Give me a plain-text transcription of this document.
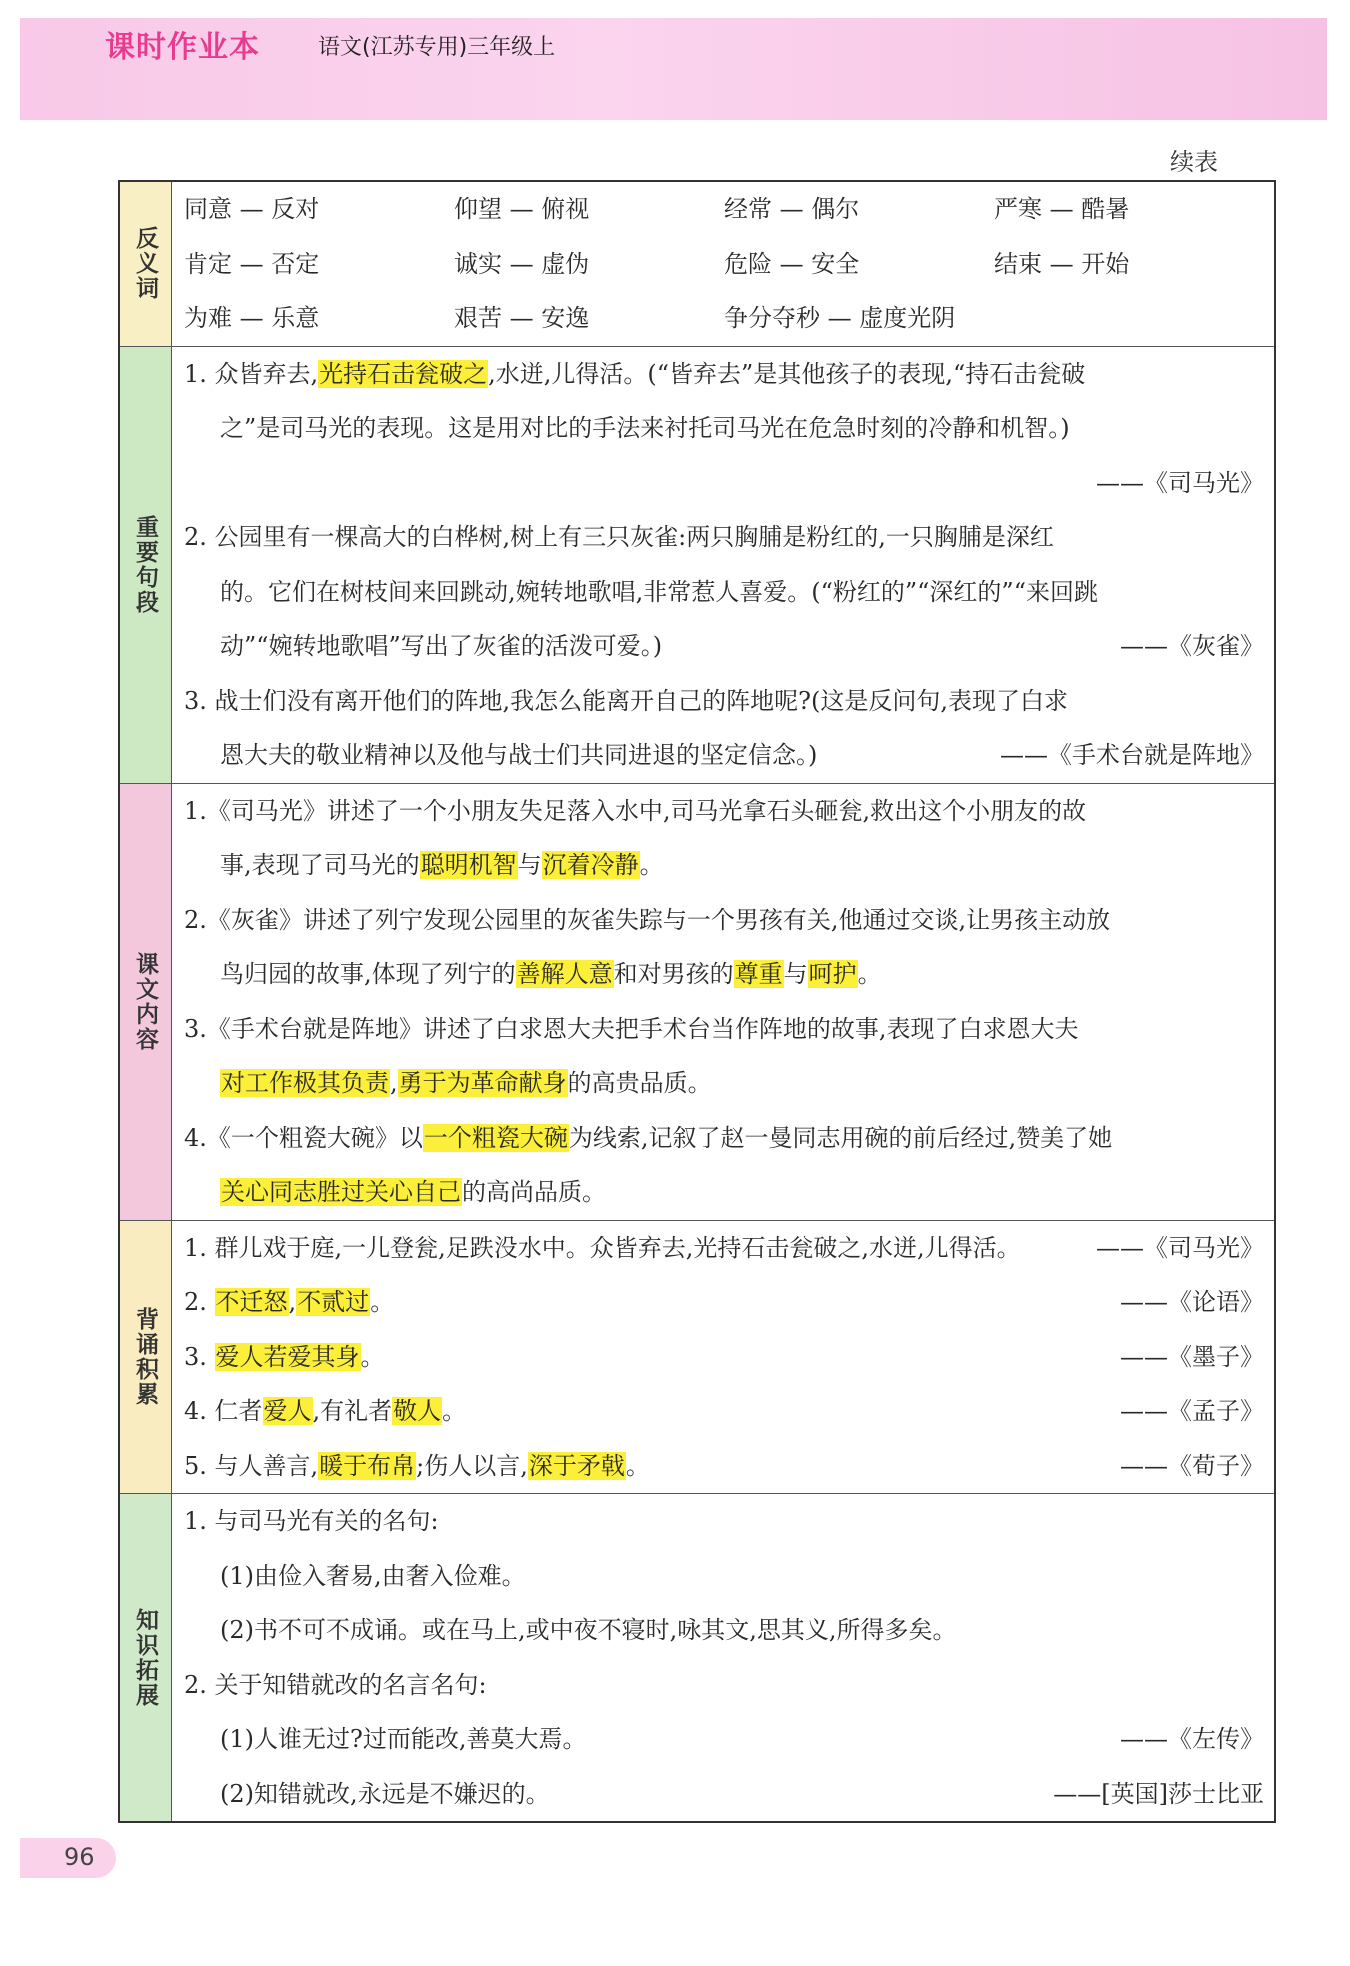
课时作业本	语文(江苏专用)三年级上
续表
反义词
同意 — 反对	仰望 — 俯视	经常 — 偶尔	严寒 — 酷暑
肯定 — 否定	诚实 — 虚伪	危险 — 安全	结束 — 开始
为难 — 乐意	艰苦 — 安逸	争分夺秒 — 虚度光阴
重要句段
1. 众皆弃去,光持石击瓮破之,水迸,儿得活。(“皆弃去”是其他孩子的表现,“持石击瓮破
之”是司马光的表现。这是用对比的手法来衬托司马光在危急时刻的冷静和机智。)
——《司马光》
2. 公园里有一棵高大的白桦树,树上有三只灰雀:两只胸脯是粉红的,一只胸脯是深红
的。它们在树枝间来回跳动,婉转地歌唱,非常惹人喜爱。(“粉红的”“深红的”“来回跳
动”“婉转地歌唱”写出了灰雀的活泼可爱。)	——《灰雀》
3. 战士们没有离开他们的阵地,我怎么能离开自己的阵地呢?(这是反问句,表现了白求
恩大夫的敬业精神以及他与战士们共同进退的坚定信念。)	——《手术台就是阵地》
课文内容
1.《司马光》讲述了一个小朋友失足落入水中,司马光拿石头砸瓮,救出这个小朋友的故
事,表现了司马光的聪明机智与沉着冷静。
2.《灰雀》讲述了列宁发现公园里的灰雀失踪与一个男孩有关,他通过交谈,让男孩主动放
鸟归园的故事,体现了列宁的善解人意和对男孩的尊重与呵护。
3.《手术台就是阵地》讲述了白求恩大夫把手术台当作阵地的故事,表现了白求恩大夫
对工作极其负责,勇于为革命献身的高贵品质。
4.《一个粗瓷大碗》以一个粗瓷大碗为线索,记叙了赵一曼同志用碗的前后经过,赞美了她
关心同志胜过关心自己的高尚品质。
背诵积累
1. 群儿戏于庭,一儿登瓮,足跌没水中。众皆弃去,光持石击瓮破之,水迸,儿得活。	——《司马光》
2. 不迁怒,不贰过。	——《论语》
3. 爱人若爱其身。	——《墨子》
4. 仁者爱人,有礼者敬人。	——《孟子》
5. 与人善言,暖于布帛;伤人以言,深于矛戟。	——《荀子》
知识拓展
1. 与司马光有关的名句:
(1)由俭入奢易,由奢入俭难。
(2)书不可不成诵。或在马上,或中夜不寝时,咏其文,思其义,所得多矣。
2. 关于知错就改的名言名句:
(1)人谁无过?过而能改,善莫大焉。	——《左传》
(2)知错就改,永远是不嫌迟的。	——[英国]莎士比亚
96
